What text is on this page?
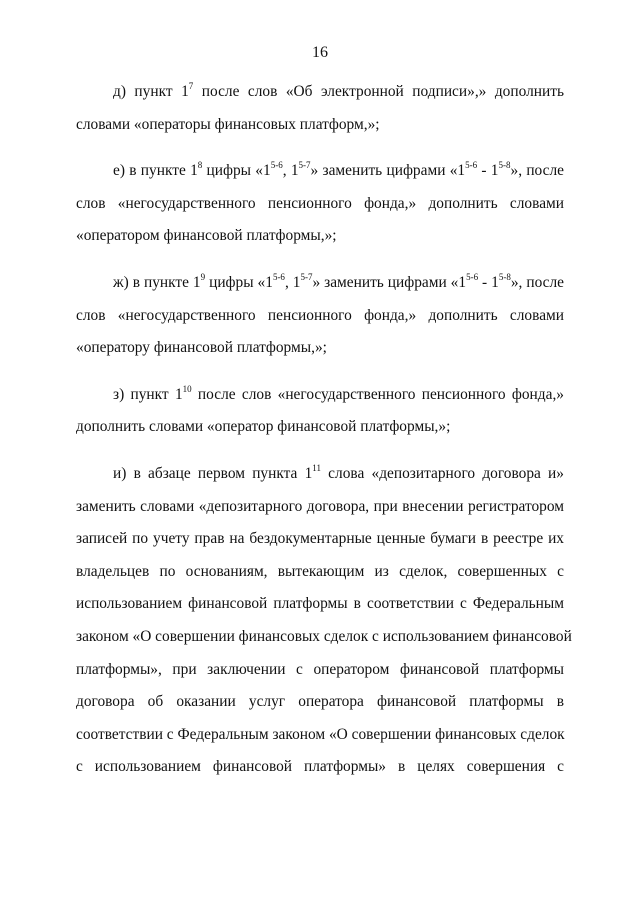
16
д) пункт $1^7$ после слов «Об электронной подписи»,» дополнить
словами «операторы финансовых платформ,»;
е) в пункте $1^8$ цифры «1$^{5-6}$, 1$^{5-7}$» заменить цифрами «1$^{5-6}$ - 1$^{5-8}$», после
слов «негосударственного пенсионного фонда,» дополнить словами
«оператором финансовой платформы,»;
ж) в пункте $1^9$ цифры «1$^{5-6}$, 1$^{5-7}$» заменить цифрами «1$^{5-6}$ - 1$^{5-8}$», после
слов «негосударственного пенсионного фонда,» дополнить словами
«оператору финансовой платформы,»;
з) пункт $1^{10}$ после слов «негосударственного пенсионного фонда,»
дополнить словами «оператор финансовой платформы,»;
и) в абзаце первом пункта $1^{11}$ слова «депозитарного договора и»
заменить словами «депозитарного договора, при внесении регистратором
записей по учету прав на бездокументарные ценные бумаги в реестре их
владельцев по основаниям, вытекающим из сделок, совершенных с
использованием финансовой платформы в соответствии с Федеральным
законом «О совершении финансовых сделок с использованием финансовой
платформы», при заключении с оператором финансовой платформы
договора об оказании услуг оператора финансовой платформы в
соответствии с Федеральным законом «О совершении финансовых сделок
с использованием финансовой платформы» в целях совершения с
